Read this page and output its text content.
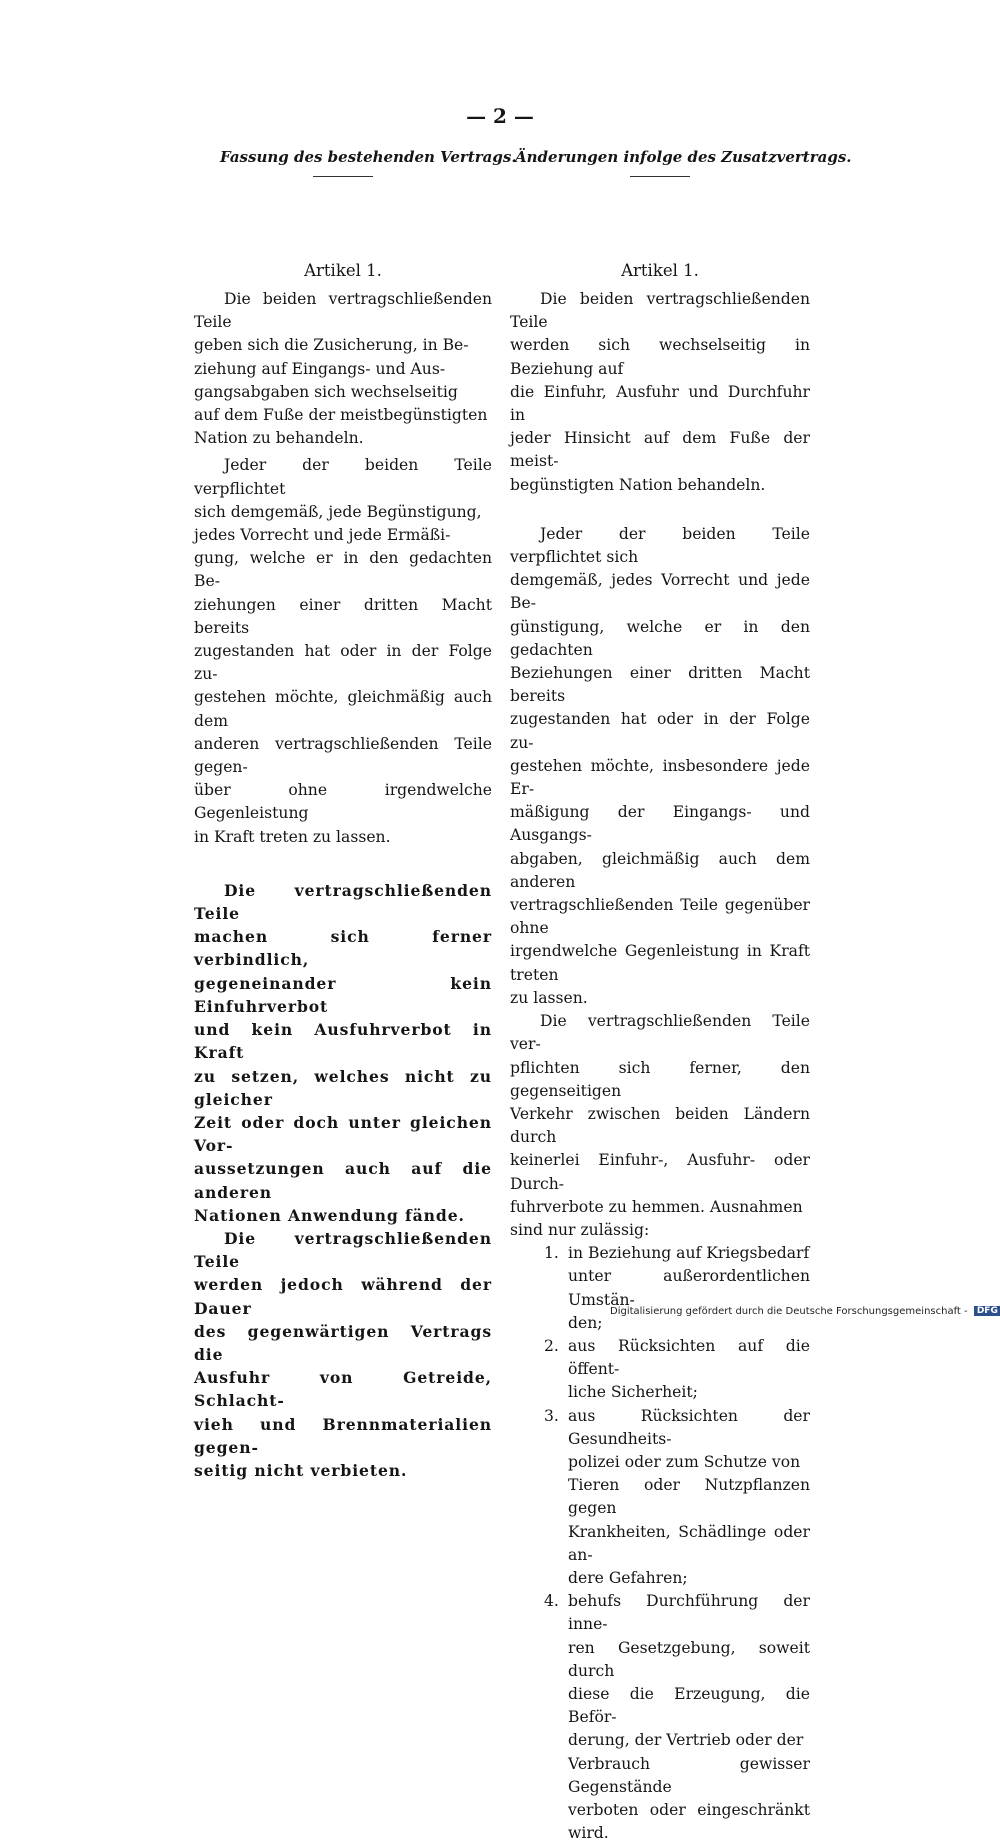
— 2 —
Fassung des bestehenden Vertrags.
Änderungen infolge des Zusatzvertrags.
Artikel 1.
Die beiden vertragschließenden Teile
geben sich die Zusicherung, in Be-
ziehung auf Eingangs- und Aus-
gangsabgaben sich wechselseitig
auf dem Fuße der meistbegünstigten
Nation zu behandeln.
Jeder der beiden Teile verpflichtet
sich demgemäß, jede Begünstigung,
jedes Vorrecht und jede Ermäßi-
gung, welche er in den gedachten Be-
ziehungen einer dritten Macht bereits
zugestanden hat oder in der Folge zu-
gestehen möchte, gleichmäßig auch dem
anderen vertragschließenden Teile gegen-
über ohne irgendwelche Gegenleistung
in Kraft treten zu lassen.
Die vertragschließenden Teile
machen sich ferner verbindlich,
gegeneinander kein Einfuhrverbot
und kein Ausfuhrverbot in Kraft
zu setzen, welches nicht zu gleicher
Zeit oder doch unter gleichen Vor-
aussetzungen auch auf die anderen
Nationen Anwendung fände.
Die vertragschließenden Teile
werden jedoch während der Dauer
des gegenwärtigen Vertrags die
Ausfuhr von Getreide, Schlacht-
vieh und Brennmaterialien gegen-
seitig nicht verbieten.
Artikel 1.
Die beiden vertragschließenden Teile
werden sich wechselseitig in Beziehung auf
die Einfuhr, Ausfuhr und Durchfuhr in
jeder Hinsicht auf dem Fuße der meist-
begünstigten Nation behandeln.
Jeder der beiden Teile verpflichtet sich
demgemäß, jedes Vorrecht und jede Be-
günstigung, welche er in den gedachten
Beziehungen einer dritten Macht bereits
zugestanden hat oder in der Folge zu-
gestehen möchte, insbesondere jede Er-
mäßigung der Eingangs- und Ausgangs-
abgaben, gleichmäßig auch dem anderen
vertragschließenden Teile gegenüber ohne
irgendwelche Gegenleistung in Kraft treten
zu lassen.
Die vertragschließenden Teile ver-
pflichten sich ferner, den gegenseitigen
Verkehr zwischen beiden Ländern durch
keinerlei Einfuhr-, Ausfuhr- oder Durch-
fuhrverbote zu hemmen. Ausnahmen
sind nur zulässig:
1. in Beziehung auf Kriegsbedarf
unter außerordentlichen Umstän-
den;
2. aus Rücksichten auf die öffent-
liche Sicherheit;
3. aus Rücksichten der Gesundheits-
polizei oder zum Schutze von
Tieren oder Nutzpflanzen gegen
Krankheiten, Schädlinge oder an-
dere Gefahren;
4. behufs Durchführung der inne-
ren Gesetzgebung, soweit durch
diese die Erzeugung, die Beför-
derung, der Vertrieb oder der
Verbrauch gewisser Gegenstände
verboten oder eingeschränkt wird.
Digitalisierung gefördert durch die Deutsche Forschungsgemeinschaft - DFG
